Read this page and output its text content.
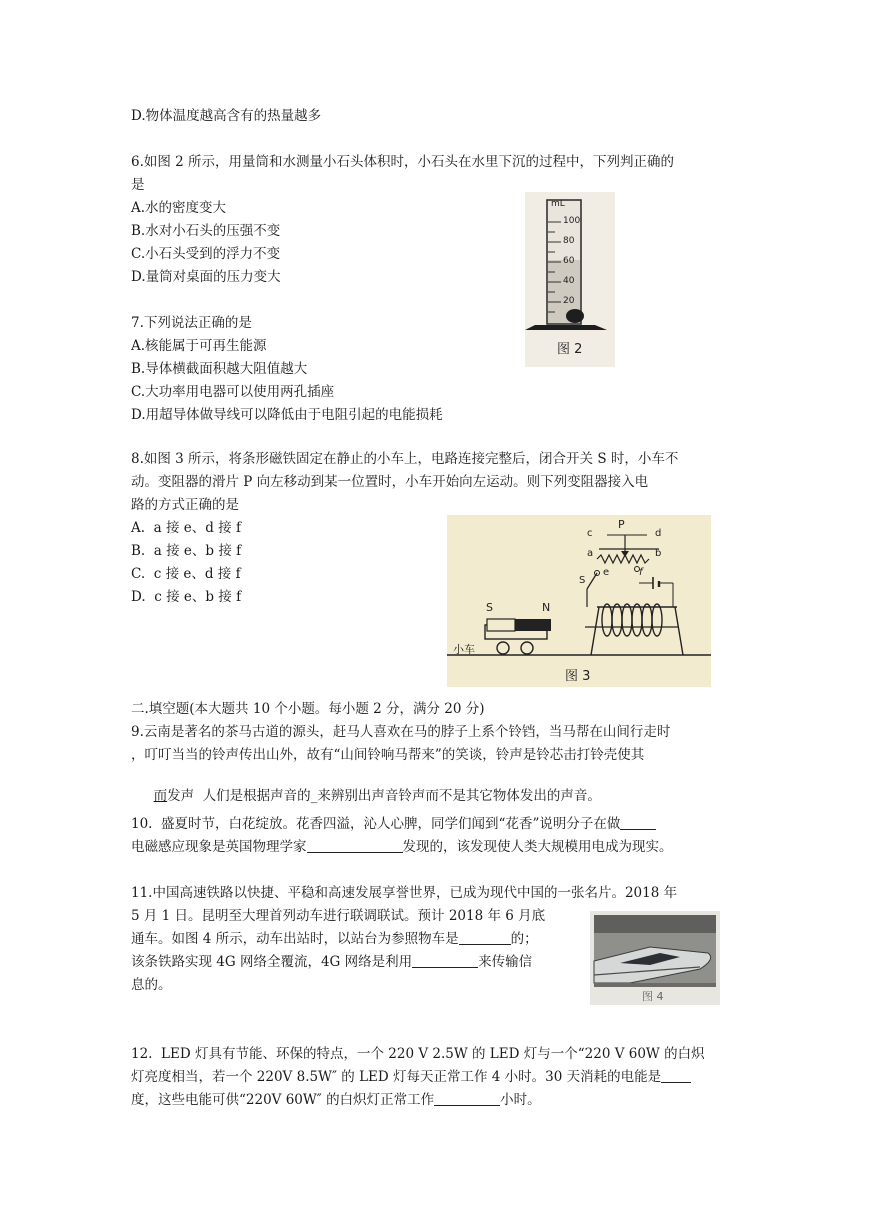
D.物体温度越高含有的热量越多
6.如图 2 所示，用量筒和水测量小石头体积时，小石头在水里下沉的过程中，下列判正确的
是
A.水的密度变大
B.水对小石头的压强不变
C.小石头受到的浮力不变
D.量筒对桌面的压力变大
7.下列说法正确的是
A.核能属于可再生能源
B.导体横截面积越大阻值越大
C.大功率用电器可以使用两孔插座
D.用超导体做导线可以降低由于电阻引起的电能损耗
8.如图 3 所示，将条形磁铁固定在静止的小车上，电路连接完整后，闭合开关 S 时，小车不
动。变阻器的滑片 P 向左移动到某一位置时，小车开始向左运动。则下列变阻器接入电
路的方式正确的是
A.  a 接 e、d 接 f
B.  a 接 e、b 接 f
C.  c 接 e、d 接 f
D.  c 接 e、b 接 f
二.填空题(本大题共 10 个小题。每小题 2 分，满分 20 分)
9.云南是著名的茶马古道的源头，赶马人喜欢在马的脖子上系个铃铛，当马帮在山间行走时
，叮叮当当的铃声传出山外，故有“山间铃响马帮来”的笑谈，铃声是铃芯击打铃壳使其

而发声  人们是根据声音的_来辨别出声音铃声而不是其它物体发出的声音。

10.  盛夏时节，白花绽放。花香四溢，沁人心脾，同学们闻到“花香”说明分子在做
电磁感应现象是英国物理学家	发现的，该发现使人类大规模用电成为现实。
11.中国高速铁路以快捷、平稳和高速发展享誉世界，已成为现代中国的一张名片。2018 年
5 月 1 日。昆明至大理首列动车进行联调联试。预计 2018 年 6 月底
通车。如图 4 所示，动车出站时，以站台为参照物车是	的；
该条铁路实现 4G 网络全覆流，4G 网络是利用	来传输信
息的。
12.  LED 灯具有节能、环保的特点，一个 220 V 2.5W 的 LED 灯与一个“220 V 60W 的白炽
灯亮度相当，若一个 220V 8.5W″ 的 LED 灯每天正常工作 4 小时。30 天消耗的电能是
度，这些电能可供“220V 60W″ 的白炽灯正常工作	小时。
mL
100
80
60
40
20
图 2
S	N
小车
P
c	d
a	b
e	f
S
图 3
图 4
